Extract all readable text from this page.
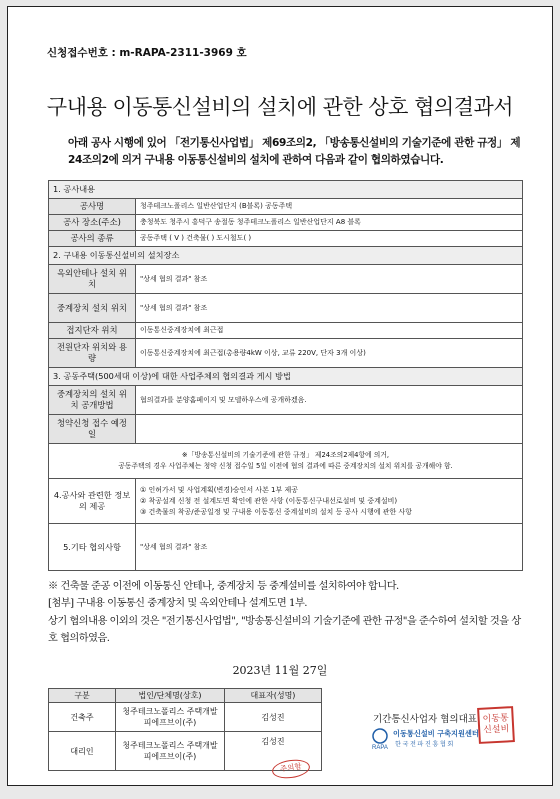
신청접수번호 : m-RAPA-2311-3969 호
구내용 이동통신설비의 설치에 관한 상호 협의결과서
아래 공사 시행에 있어 「전기통신사업법」 제69조의2, 「방송통신설비의 기술기준에 관한 규정」 제24조의2에 의거 구내용 이동통신설비의 설치에 관하여 다음과 같이 협의하였습니다.
1. 공사내용	
공사명	청주테크노폴리스 일반산업단지 (B블록) 공동주택
공사 장소(주소)	충청북도 청주시 흥덕구 송절동 청주테크노폴리스 일반산업단지 A8 블록
공사의 종류	공동주택 ( V ) 건축물( ) 도시철도( )
2. 구내용 이동통신설비의 설치장소	
옥외안테나 설치 위치	"상세 협의 결과" 참조
중계장치 설치 위치	"상세 협의 결과" 참조
접지단자 위치	이동통신중계장치에 최근접
전원단자 위치와 용량	이동통신중계장치에 최근접(총용량4kW 이상, 교류 220V, 단자 3개 이상)
3. 공동주택(500세대 이상)에 대한 사업주체의 협의결과 게시 방법	
중계장치의 설치 위치 공개방법	협의결과를 분양홈페이지 및 모델하우스에 공개하겠음.
청약신청 접수 예정일	

※「방송통신설비의 기술기준에 관한 규정」 제24조의2제4항에 의거,
공동주택의 경우 사업주체는 청약 신청 접수일 5일 이전에 협의 결과에 따른 중계장치의 설치 위치를 공개해야 함.	

4.공사와 관련한 정보의 제공	① 인허가서 및 사업계획(변경)승인서 사본 1부 제공
② 착공설계 신청 전 설계도면 확인에 관한 사항 (이동통신구내선로설비 및 중계설비)
③ 건축물의 착공/준공일정 및 구내용 이동통신 중계설비의 설치 등 공사 시행에 관한 사항

5.기타 협의사항	"상세 협의 결과" 참조
※ 건축물 준공 이전에 이동통신 안테나, 중계장치 등 중계설비를 설치하여야 합니다.
[첨부] 구내용 이동통신 중계장치 및 옥외안테나 설계도면 1부.
상기 협의내용 이외의 것은 "전기통신사업법", "방송통신설비의 기술기준에 관한 규정"을 준수하여 설치할 것을 상호 협의하였음.
2023년 11월 27일
구분	법인/단체명(상호)	대표자(성명)
건축주	청주테크노폴리스 주택개발 피에프브이(주)	김성진
대리인	청주테크노폴리스 주택개발 피에프브이(주)	김성진
주의함
기간통신사업자 협의대표
RAPA
이동통신설비 구축지원센터
한국전파진흥협회
이동통신설비
